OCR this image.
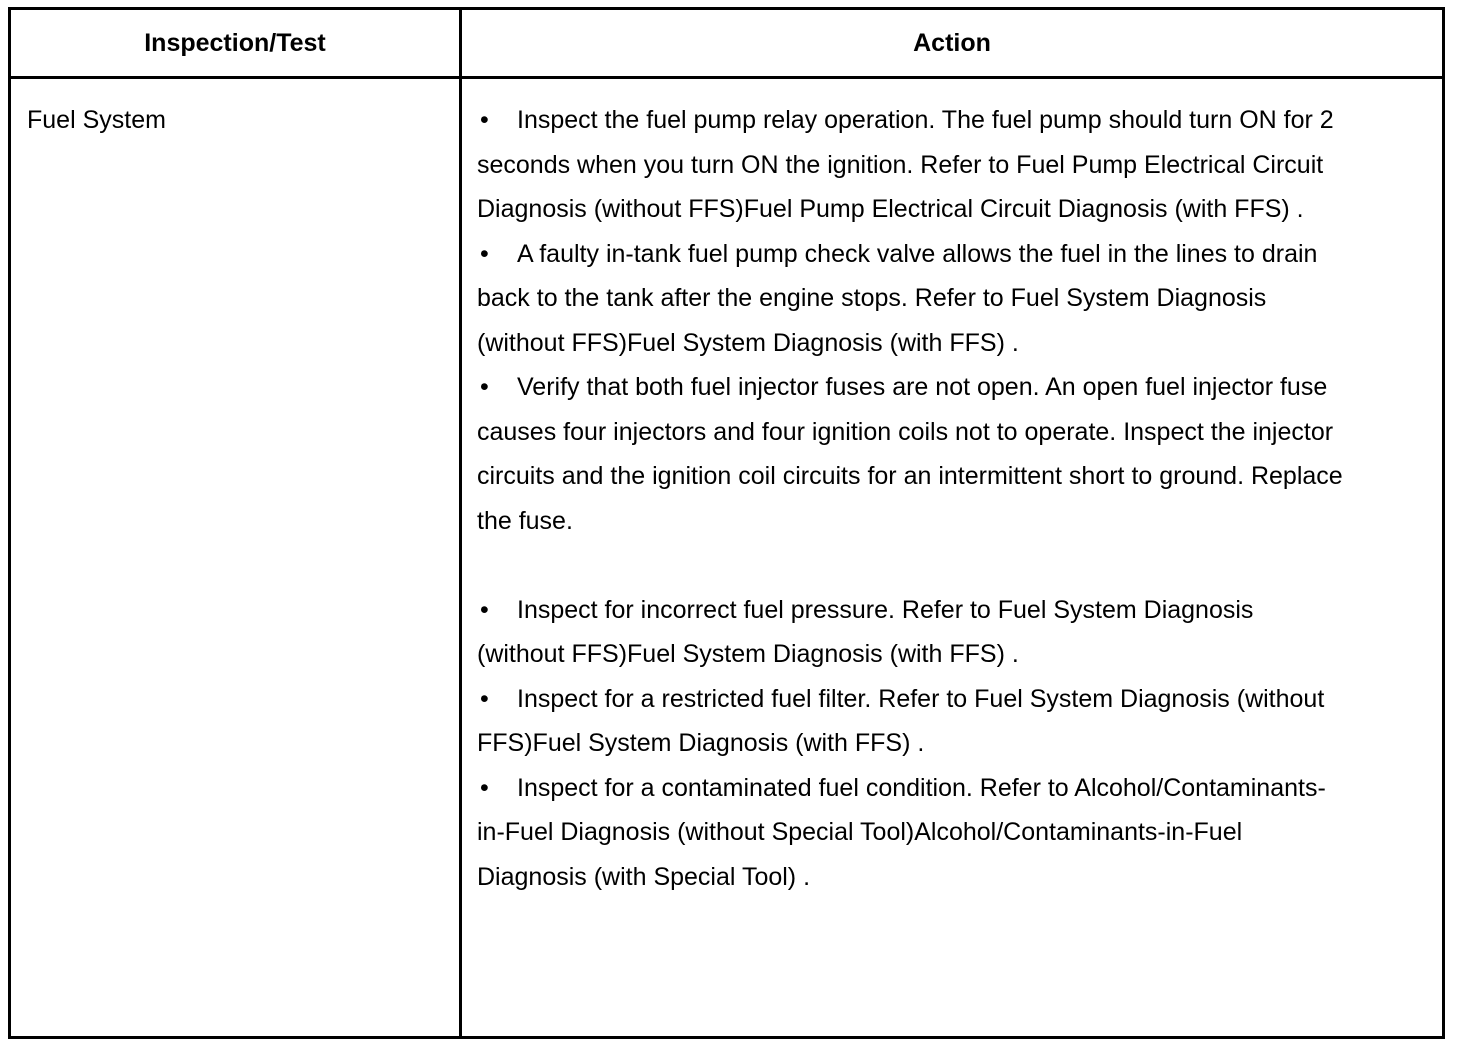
Inspection/Test	Action
Fuel System	• Inspect the fuel pump relay operation. The fuel pump should turn ON for 2 seconds when you turn ON the ignition. Refer to Fuel Pump Electrical Circuit Diagnosis (without FFS)Fuel Pump Electrical Circuit Diagnosis (with FFS) .

• A faulty in-tank fuel pump check valve allows the fuel in the lines to drain back to the tank after the engine stops. Refer to Fuel System Diagnosis (without FFS)Fuel System Diagnosis (with FFS) .

• Verify that both fuel injector fuses are not open. An open fuel injector fuse causes four injectors and four ignition coils not to operate. Inspect the injector circuits and the ignition coil circuits for an intermittent short to ground. Replace the fuse.

• Inspect for incorrect fuel pressure. Refer to Fuel System Diagnosis (without FFS)Fuel System Diagnosis (with FFS) .

• Inspect for a restricted fuel filter. Refer to Fuel System Diagnosis (without FFS)Fuel System Diagnosis (with FFS) .

• Inspect for a contaminated fuel condition. Refer to Alcohol/Contaminants-in-Fuel Diagnosis (without Special Tool)Alcohol/Contaminants-in-Fuel Diagnosis (with Special Tool) .
